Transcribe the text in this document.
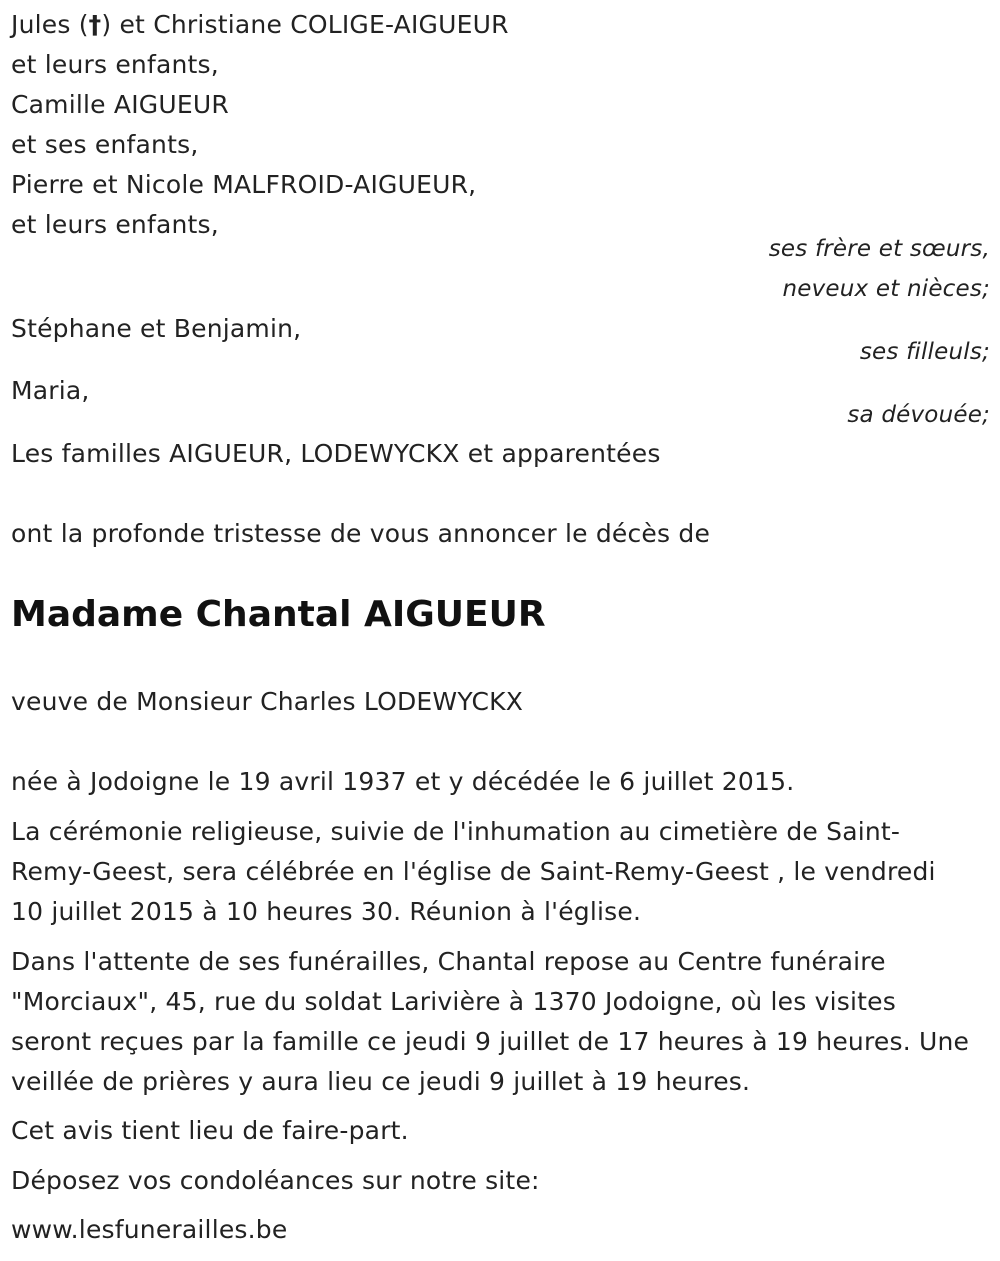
Jules (†) et Christiane COLIGE-AIGUEUR
et leurs enfants,
Camille AIGUEUR
et ses enfants,
Pierre et Nicole MALFROID-AIGUEUR,
et leurs enfants,
ses frère et sœurs,
neveux et nièces;
Stéphane et Benjamin,
ses filleuls;
Maria,
sa dévouée;
Les familles AIGUEUR, LODEWYCKX et apparentées
ont la profonde tristesse de vous annoncer le décès de
Madame Chantal AIGUEUR
veuve de Monsieur Charles LODEWYCKX
née à Jodoigne le 19 avril 1937 et y décédée le 6 juillet 2015.
La cérémonie religieuse, suivie de l'inhumation au cimetière de Saint-Remy-Geest, sera célébrée en l'église de Saint-Remy-Geest , le vendredi 10 juillet 2015 à 10 heures 30. Réunion à l'église.
Dans l'attente de ses funérailles, Chantal repose au Centre funéraire "Morciaux", 45, rue du soldat Larivière à 1370 Jodoigne, où les visites seront reçues par la famille ce jeudi 9 juillet de 17 heures à 19 heures. Une veillée de prières y aura lieu ce jeudi 9 juillet à 19 heures.
Cet avis tient lieu de faire-part.
Déposez vos condoléances sur notre site:
www.lesfunerailles.be
